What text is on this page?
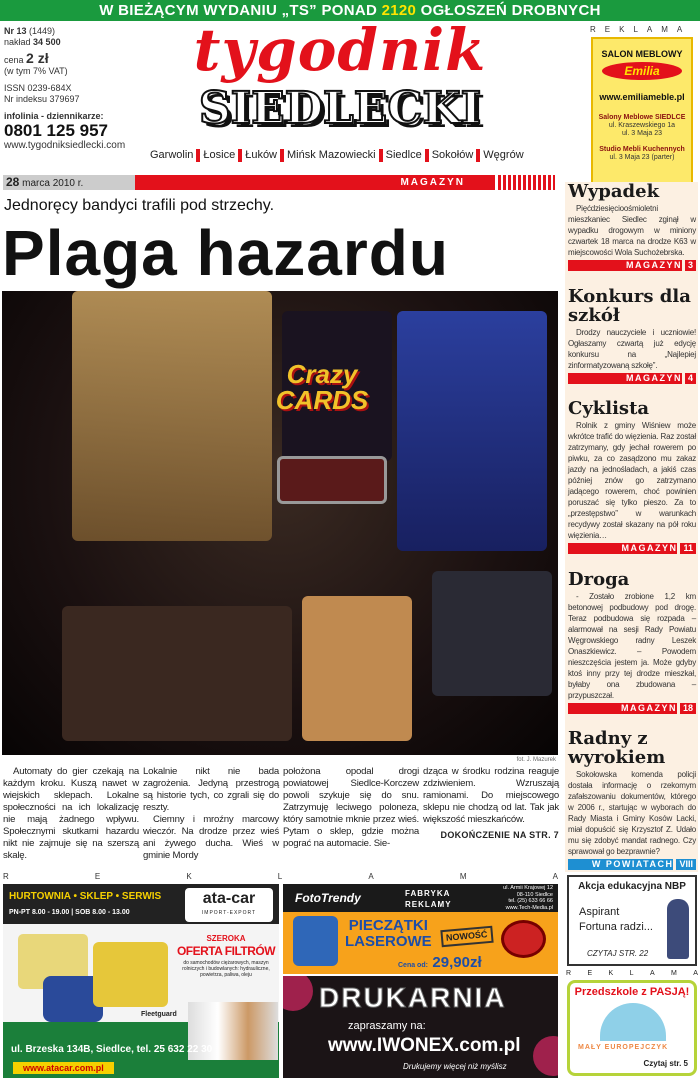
W BIEŻĄCYM WYDANIU „TS” PONAD 2120 OGŁOSZEŃ DROBNYCH
Nr 13 (1449)
nakład 34 500
cena 2 zł
(w tym 7% VAT)
ISSN 0239-684X
Nr indeksu 379697
infolinia - dziennikarze:
0801 125 957
www.tygodniksiedlecki.com
tygodnik
SIEDLECKI
Garwolin Łosice Łuków Mińsk Mazowiecki Siedlce Sokołów Węgrów
REKLAMA
SALON MEBLOWY
Emilia
www.emiliameble.pl
Salony Meblowe SIEDLCE
ul. Kraszewskiego 1a
ul. 3 Maja 23
Studio Mebli Kuchennych
ul. 3 Maja 23 (parter)
28 marca 2010 r.	MAGAZYN
Jednoręcy bandyci trafili pod strzechy.
Plaga hazardu
Crazy CARDS
fot. J. Mazurek

Automaty do gier czekają na każdym kroku. Kuszą nawet w wiejskich sklepach. Lokalne społeczności na ich lokalizację nie mają żadnego wpływu. Społecznymi skutkami hazardu nikt nie zajmuje się na szerszą skalę.

Lokalnie nikt nie bada zagrożenia. Jedyną przestrogą są historie tych, co zgrali się do reszty.

Ciemny i mroźny marcowy wieczór. Na drodze przez wieś ani żywego ducha. Wieś w gminie Mordy

położona opodal drogi powiatowej Siedlce-Korczew powoli szykuje się do snu. Zatrzymuję leciwego poloneza, który samotnie mknie przez wieś. Pytam o sklep, gdzie można pograć na automacie. Sie-

dząca w środku rodzina reaguje zdziwieniem. Wzruszają ramionami. Do miejscowego sklepu nie chodzą od lat. Tak jak większość mieszkańców.

DOKOŃCZENIE NA STR. 7

R	E	K	L	A	M	A
ata-car
IMPORT-EXPORT
HURTOWNIA • SKLEP • SERWIS
PN-PT 8.00 - 19.00 | SOB 8.00 - 13.00
SZEROKA
OFERTA FILTRÓW
do samochodów ciężarowych, maszyn rolniczych i budowlanych: hydrauliczne, powietrza, paliwa, oleju
Fleetguard
ul. Brzeska 134B, Siedlce, tel. 25 632 22 30
www.atacar.com.pl
FotoTrendy	FABRYKA
REKLAMY
ul. Armii Krajowej 12
08-110 Siedlce
tel. (25) 633 66 66
www.Tech-Media.pl
PIECZĄTKI
LASEROWE	NOWOŚĆ
Cena od: 29,90zł
DRUKARNIA
zapraszamy na:
www.IWONEX.com.pl
Drukujemy więcej niż myślisz
Wypadek

Pięćdziesięcioośmioletni mieszkaniec Siedlec zginął w wypadku drogowym w miniony czwartek 18 marca na drodze K63 w miejscowości Wola Suchożebrska.

MAGAZYN 3
Konkurs dla szkół

Drodzy nauczyciele i uczniowie! Ogłaszamy czwartą już edycję konkursu na „Najlepiej zinformatyzowaną szkołę”.

MAGAZYN 4
Cyklista

Rolnik z gminy Wiśniew może wkrótce trafić do więzienia. Raz został zatrzymany, gdy jechał rowerem po piwku, za co zasądzono mu zakaz jazdy na jednośladach, a jakiś czas później znów go zatrzymano jadącego rowerem, choć powinien poruszać się tylko pieszo. Za to „przestępstwo” w warunkach recydywy został skazany na pół roku więzienia…

MAGAZYN 11
Droga

- Zostało zrobione 1,2 km betonowej podbudowy pod drogę. Teraz podbudowa się rozpada – alarmował na sesji Rady Powiatu Węgrowskiego radny Leszek Onaszkiewicz. – Powodem nieszczęścia jestem ja. Może gdyby ktoś inny przy tej drodze mieszkał, byłaby ona zbudowana – przypuszczał.

MAGAZYN 18
Radny z wyrokiem

Sokołowska komenda policji dostała informację o rzekomym zafałszowaniu dokumentów, którego w 2006 r., startując w wyborach do Rady Miasta i Gminy Kosów Lacki, miał dopuścić się Krzysztof Z. Udało mu się zdobyć mandat radnego. Czy sprawował go bezprawnie?

W POWIATACH VIII
Akcja edukacyjna NBP
Aspirant
Fortuna radzi...
CZYTAJ STR. 22
R E K L A M A
Przedszkole z PASJĄ!
MAŁY EUROPEJCZYK
Czytaj str. 5
